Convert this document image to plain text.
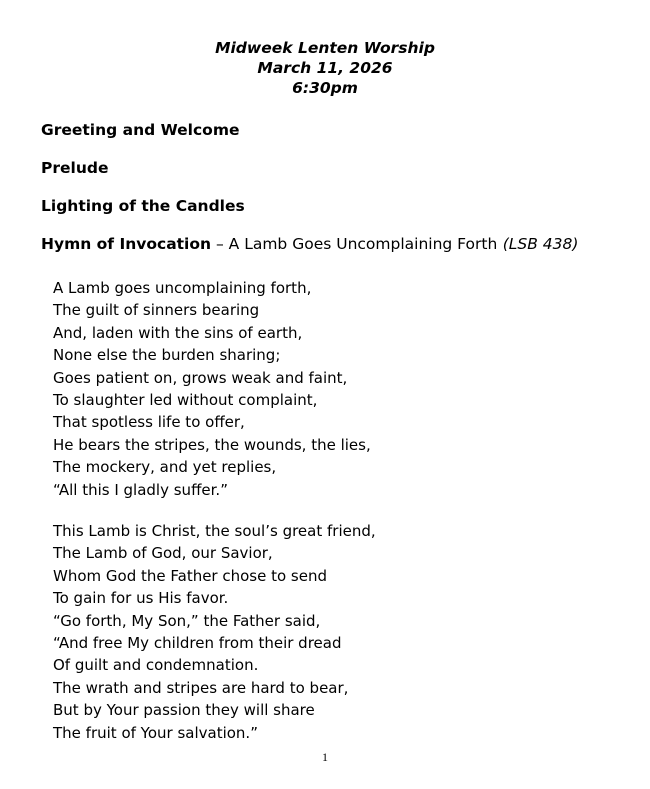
Midweek Lenten Worship
March 11, 2026
6:30pm
Greeting and Welcome
Prelude
Lighting of the Candles
Hymn of Invocation – A Lamb Goes Uncomplaining Forth (LSB 438)
A Lamb goes uncomplaining forth,
The guilt of sinners bearing
And, laden with the sins of earth,
None else the burden sharing;
Goes patient on, grows weak and faint,
To slaughter led without complaint,
That spotless life to offer,
He bears the stripes, the wounds, the lies,
The mockery, and yet replies,
“All this I gladly suffer.”
This Lamb is Christ, the soul’s great friend,
The Lamb of God, our Savior,
Whom God the Father chose to send
To gain for us His favor.
“Go forth, My Son,” the Father said,
“And free My children from their dread
Of guilt and condemnation.
The wrath and stripes are hard to bear,
But by Your passion they will share
The fruit of Your salvation.”
1
